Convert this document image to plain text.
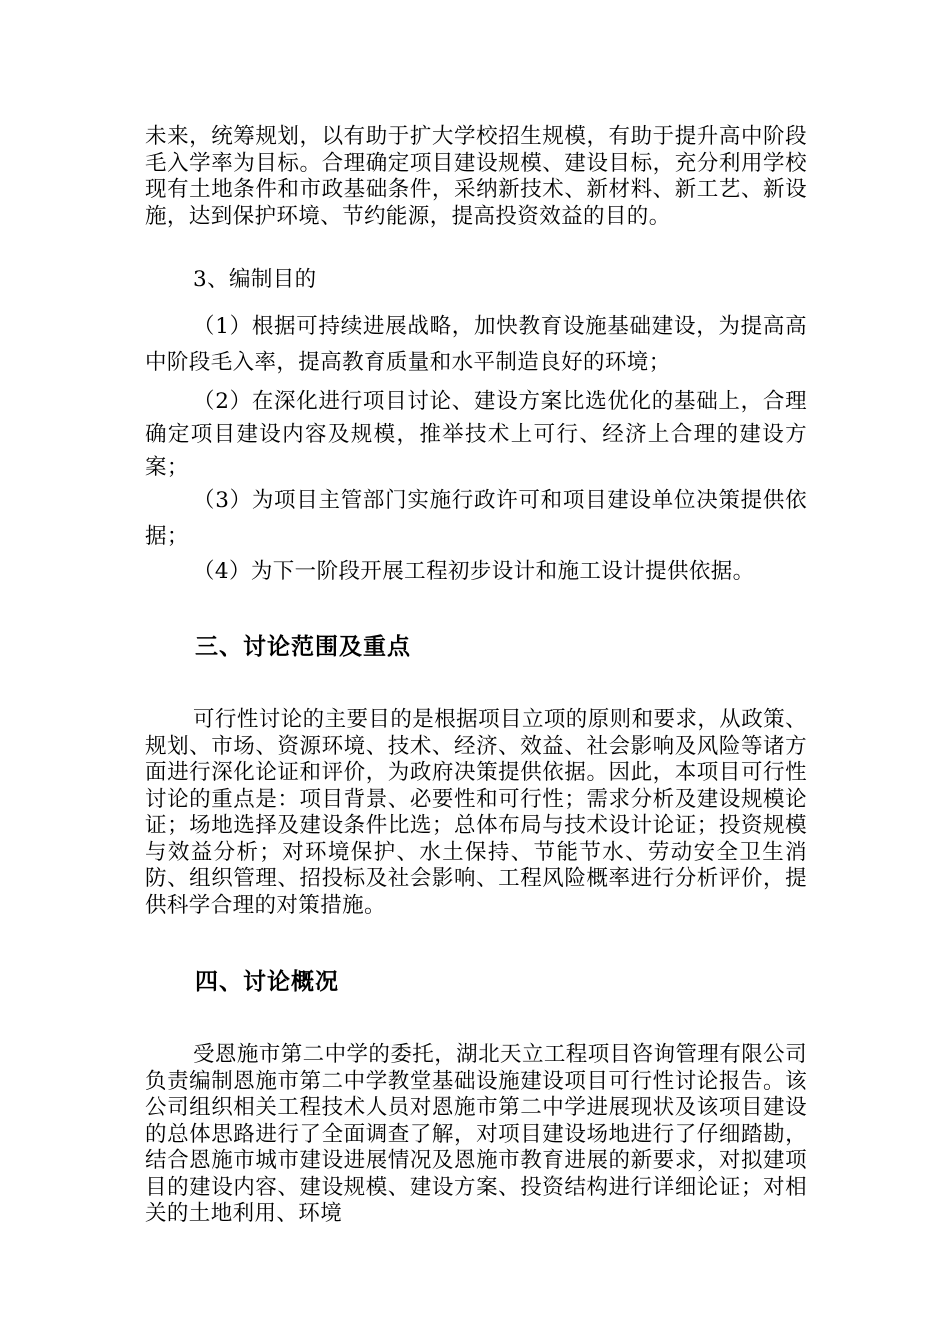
未来，统筹规划，以有助于扩大学校招生规模，有助于提升高中阶段毛入学率为目标。合理确定项目建设规模、建设目标，充分利用学校现有土地条件和市政基础条件，采纳新技术、新材料、新工艺、新设施，达到保护环境、节约能源，提高投资效益的目的。

3、编制目的

（1）根据可持续进展战略，加快教育设施基础建设，为提高高中阶段毛入率，提高教育质量和水平制造良好的环境；

（2）在深化进行项目讨论、建设方案比选优化的基础上，合理确定项目建设内容及规模，推举技术上可行、经济上合理的建设方案；

（3）为项目主管部门实施行政许可和项目建设单位决策提供依据；

（4）为下一阶段开展工程初步设计和施工设计提供依据。

三、讨论范围及重点

可行性讨论的主要目的是根据项目立项的原则和要求，从政策、规划、市场、资源环境、技术、经济、效益、社会影响及风险等诸方面进行深化论证和评价，为政府决策提供依据。因此，本项目可行性讨论的重点是：项目背景、必要性和可行性；需求分析及建设规模论证；场地选择及建设条件比选；总体布局与技术设计论证；投资规模与效益分析；对环境保护、水土保持、节能节水、劳动安全卫生消防、组织管理、招投标及社会影响、工程风险概率进行分析评价，提供科学合理的对策措施。

四、讨论概况

受恩施市第二中学的委托，湖北天立工程项目咨询管理有限公司负责编制恩施市第二中学教堂基础设施建设项目可行性讨论报告。该公司组织相关工程技术人员对恩施市第二中学进展现状及该项目建设的总体思路进行了全面调查了解，对项目建设场地进行了仔细踏勘，结合恩施市城市建设进展情况及恩施市教育进展的新要求，对拟建项目的建设内容、建设规模、建设方案、投资结构进行详细论证；对相关的土地利用、环境
